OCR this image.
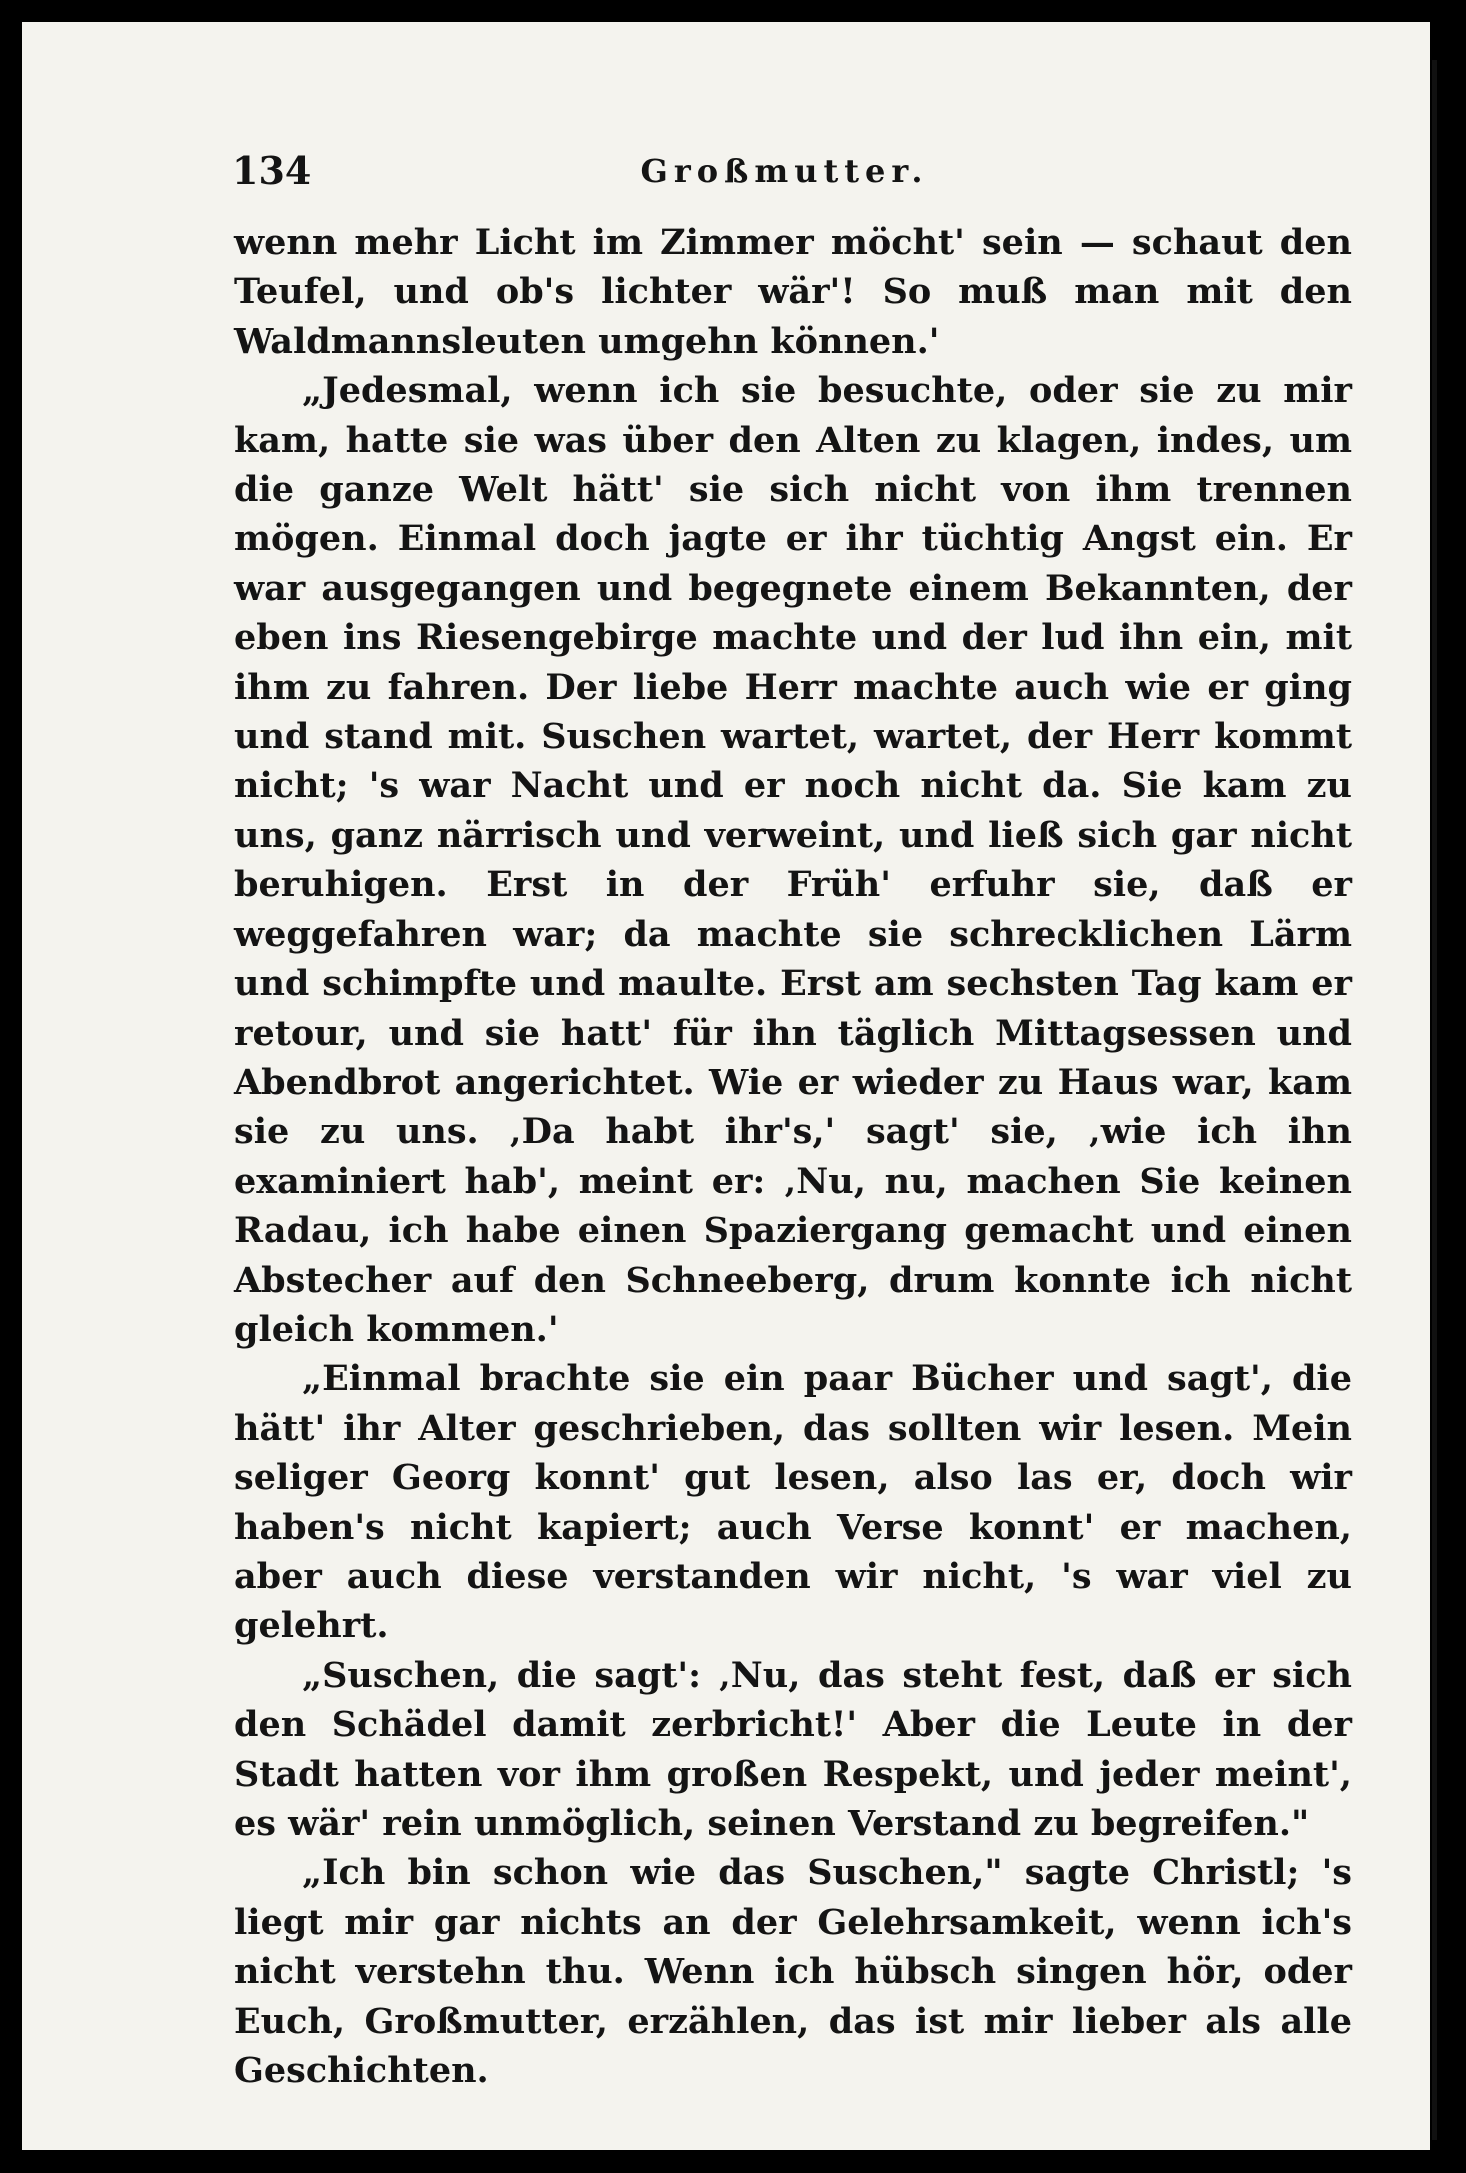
134	Großmutter.

wenn mehr Licht im Zimmer möcht' sein — schaut den Teufel, und ob's lichter wär'! So muß man mit den Waldmannsleuten umgehn können.'

„Jedesmal, wenn ich sie besuchte, oder sie zu mir kam, hatte sie was über den Alten zu klagen, indes, um die ganze Welt hätt' sie sich nicht von ihm trennen mögen. Einmal doch jagte er ihr tüchtig Angst ein. Er war ausgegangen und begegnete einem Bekannten, der eben ins Riesengebirge machte und der lud ihn ein, mit ihm zu fahren. Der liebe Herr machte auch wie er ging und stand mit. Suschen wartet, wartet, der Herr kommt nicht; 's war Nacht und er noch nicht da. Sie kam zu uns, ganz närrisch und verweint, und ließ sich gar nicht beruhigen. Erst in der Früh' erfuhr sie, daß er weggefahren war; da machte sie schrecklichen Lärm und schimpfte und maulte. Erst am sechsten Tag kam er retour, und sie hatt' für ihn täglich Mittagsessen und Abendbrot angerichtet. Wie er wieder zu Haus war, kam sie zu uns. ‚Da habt ihr's,' sagt' sie, ‚wie ich ihn examiniert hab', meint er: ‚Nu, nu, machen Sie keinen Radau, ich habe einen Spaziergang gemacht und einen Abstecher auf den Schneeberg, drum konnte ich nicht gleich kommen.'

„Einmal brachte sie ein paar Bücher und sagt', die hätt' ihr Alter geschrieben, das sollten wir lesen. Mein seliger Georg konnt' gut lesen, also las er, doch wir haben's nicht kapiert; auch Verse konnt' er machen, aber auch diese verstanden wir nicht, 's war viel zu gelehrt.

„Suschen, die sagt': ‚Nu, das steht fest, daß er sich den Schädel damit zerbricht!' Aber die Leute in der Stadt hatten vor ihm großen Respekt, und jeder meint', es wär' rein unmöglich, seinen Verstand zu begreifen."

„Ich bin schon wie das Suschen," sagte Christl; 's liegt mir gar nichts an der Gelehrsamkeit, wenn ich's nicht verstehn thu. Wenn ich hübsch singen hör, oder Euch, Großmutter, erzählen, das ist mir lieber als alle Geschichten.
